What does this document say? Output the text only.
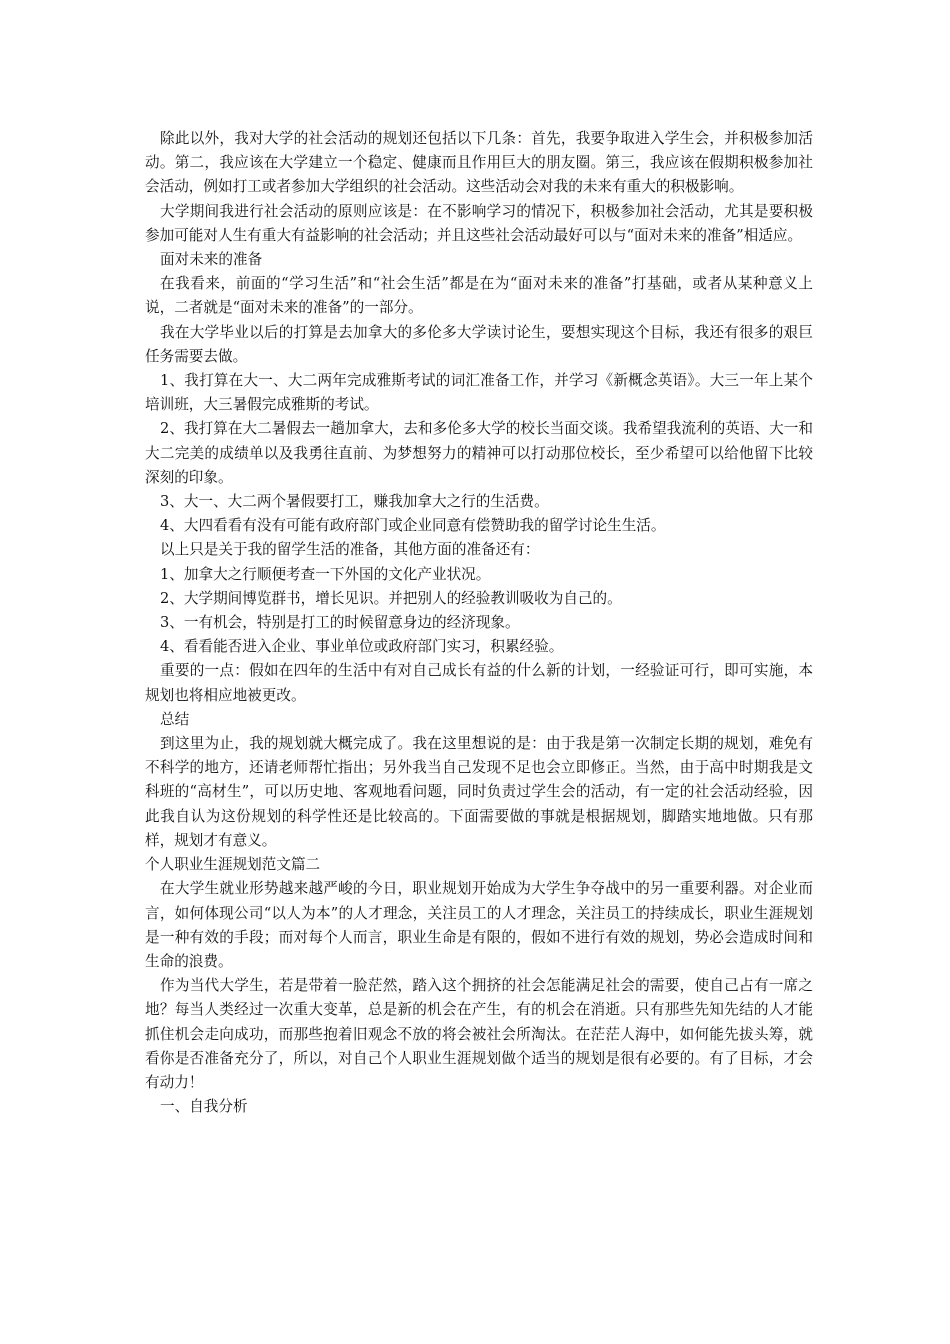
除此以外，我对大学的社会活动的规划还包括以下几条：首先，我要争取进入学生会，并积极参加活动。第二，我应该在大学建立一个稳定、健康而且作用巨大的朋友圈。第三，我应该在假期积极参加社会活动，例如打工或者参加大学组织的社会活动。这些活动会对我的未来有重大的积极影响。

大学期间我进行社会活动的原则应该是：在不影响学习的情况下，积极参加社会活动，尤其是要积极参加可能对人生有重大有益影响的社会活动；并且这些社会活动最好可以与“面对未来的准备”相适应。

面对未来的准备

在我看来，前面的“学习生活”和“社会生活”都是在为“面对未来的准备”打基础，或者从某种意义上说，二者就是“面对未来的准备”的一部分。

我在大学毕业以后的打算是去加拿大的多伦多大学读讨论生，要想实现这个目标，我还有很多的艰巨任务需要去做。

1、我打算在大一、大二两年完成雅斯考试的词汇准备工作，并学习《新概念英语》。大三一年上某个培训班，大三暑假完成雅斯的考试。

2、我打算在大二暑假去一趟加拿大，去和多伦多大学的校长当面交谈。我希望我流利的英语、大一和大二完美的成绩单以及我勇往直前、为梦想努力的精神可以打动那位校长，至少希望可以给他留下比较深刻的印象。

3、大一、大二两个暑假要打工，赚我加拿大之行的生活费。

4、大四看看有没有可能有政府部门或企业同意有偿赞助我的留学讨论生生活。

以上只是关于我的留学生活的准备，其他方面的准备还有：

1、加拿大之行顺便考查一下外国的文化产业状况。

2、大学期间博览群书，增长见识。并把别人的经验教训吸收为自己的。

3、一有机会，特别是打工的时候留意身边的经济现象。

4、看看能否进入企业、事业单位或政府部门实习，积累经验。

重要的一点：假如在四年的生活中有对自己成长有益的什么新的计划，一经验证可行，即可实施，本规划也将相应地被更改。

总结

到这里为止，我的规划就大概完成了。我在这里想说的是：由于我是第一次制定长期的规划，难免有不科学的地方，还请老师帮忙指出；另外我当自己发现不足也会立即修正。当然，由于高中时期我是文科班的“高材生”，可以历史地、客观地看问题，同时负责过学生会的活动，有一定的社会活动经验，因此我自认为这份规划的科学性还是比较高的。下面需要做的事就是根据规划，脚踏实地地做。只有那样，规划才有意义。

个人职业生涯规划范文篇二

在大学生就业形势越来越严峻的今日，职业规划开始成为大学生争夺战中的另一重要利器。对企业而言，如何体现公司“以人为本”的人才理念，关注员工的人才理念，关注员工的持续成长，职业生涯规划是一种有效的手段；而对每个人而言，职业生命是有限的，假如不进行有效的规划，势必会造成时间和生命的浪费。

作为当代大学生，若是带着一脸茫然，踏入这个拥挤的社会怎能满足社会的需要，使自己占有一席之地？每当人类经过一次重大变革，总是新的机会在产生，有的机会在消逝。只有那些先知先结的人才能抓住机会走向成功，而那些抱着旧观念不放的将会被社会所淘汰。在茫茫人海中，如何能先拔头筹，就看你是否准备充分了，所以，对自己个人职业生涯规划做个适当的规划是很有必要的。有了目标，才会有动力！

一、自我分析
